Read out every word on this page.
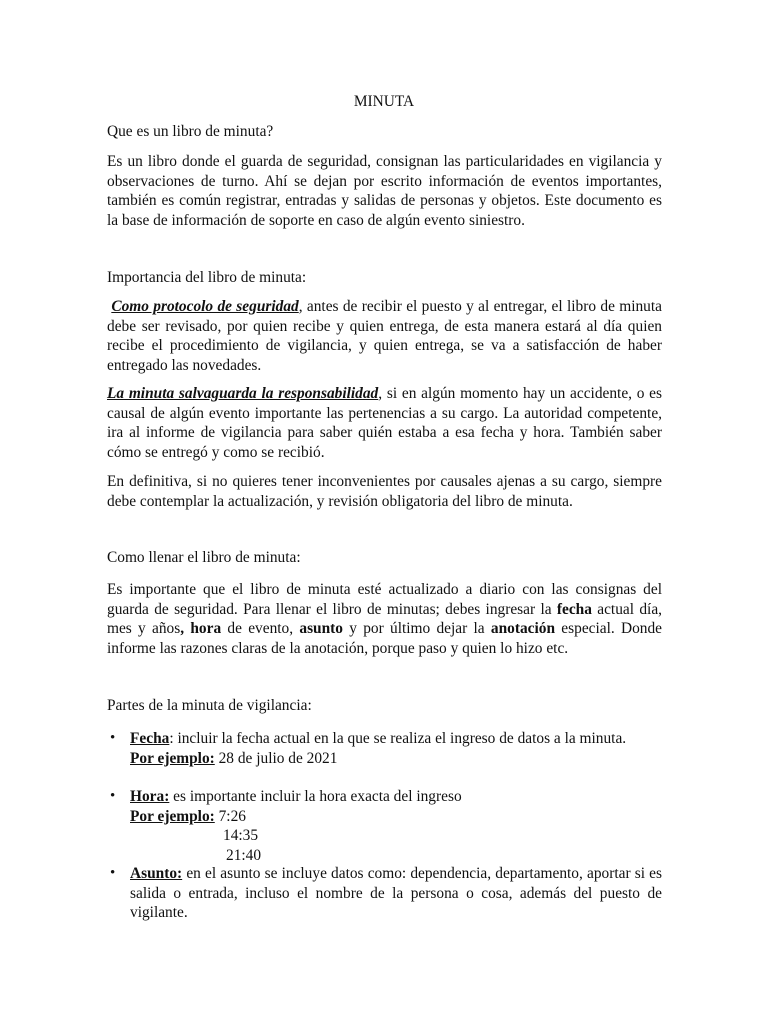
MINUTA

Que es un libro de minuta?

Es un libro donde el guarda de seguridad, consignan las particularidades en vigilancia y observaciones de turno. Ahí se dejan por escrito información de eventos importantes, también es común registrar, entradas y salidas de personas y objetos. Este documento es la base de información de soporte en caso de algún evento siniestro.

Importancia del libro de minuta:

Como protocolo de seguridad, antes de recibir el puesto y al entregar, el libro de minuta debe ser revisado, por quien recibe y quien entrega, de esta manera estará al día quien recibe el procedimiento de vigilancia, y quien entrega, se va a satisfacción de haber entregado las novedades.

La minuta salvaguarda la responsabilidad, si en algún momento hay un accidente, o es causal de algún evento importante las pertenencias a su cargo. La autoridad competente, ira al informe de vigilancia para saber quién estaba a esa fecha y hora. También saber cómo se entregó y como se recibió.

En definitiva, si no quieres tener inconvenientes por causales ajenas a su cargo, siempre debe contemplar la actualización, y revisión obligatoria del libro de minuta.

Como llenar el libro de minuta:

Es importante que el libro de minuta esté actualizado a diario con las consignas del guarda de seguridad. Para llenar el libro de minutas; debes ingresar la fecha actual día, mes y años, hora de evento, asunto y por último dejar la anotación especial. Donde informe las razones claras de la anotación, porque paso y quien lo hizo etc.

Partes de la minuta de vigilancia:

• Fecha: incluir la fecha actual en la que se realiza el ingreso de datos a la minuta.
Por ejemplo: 28 de julio de 2021
• Hora: es importante incluir la hora exacta del ingreso
Por ejemplo: 7:26
14:35
21:40
• Asunto: en el asunto se incluye datos como: dependencia, departamento, aportar si es salida o entrada, incluso el nombre de la persona o cosa, además del puesto de vigilante.
